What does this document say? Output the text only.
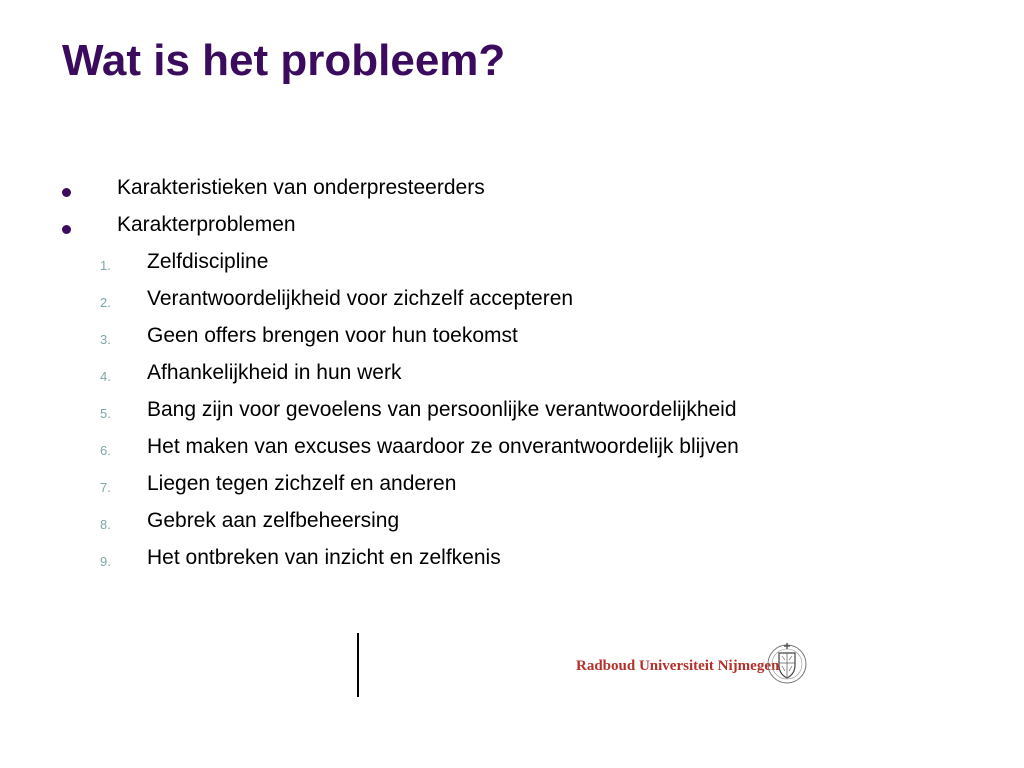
Wat is het probleem?
Karakteristieken van onderpresteerders
Karakterproblemen
1. Zelfdiscipline
2. Verantwoordelijkheid voor zichzelf accepteren
3. Geen offers brengen voor hun toekomst
4. Afhankelijkheid in hun werk
5. Bang zijn voor gevoelens van persoonlijke verantwoordelijkheid
6. Het maken van excuses waardoor ze onverantwoordelijk blijven
7. Liegen tegen zichzelf en anderen
8. Gebrek aan zelfbeheersing
9. Het ontbreken van inzicht en zelfkenis
Radboud Universiteit Nijmegen
